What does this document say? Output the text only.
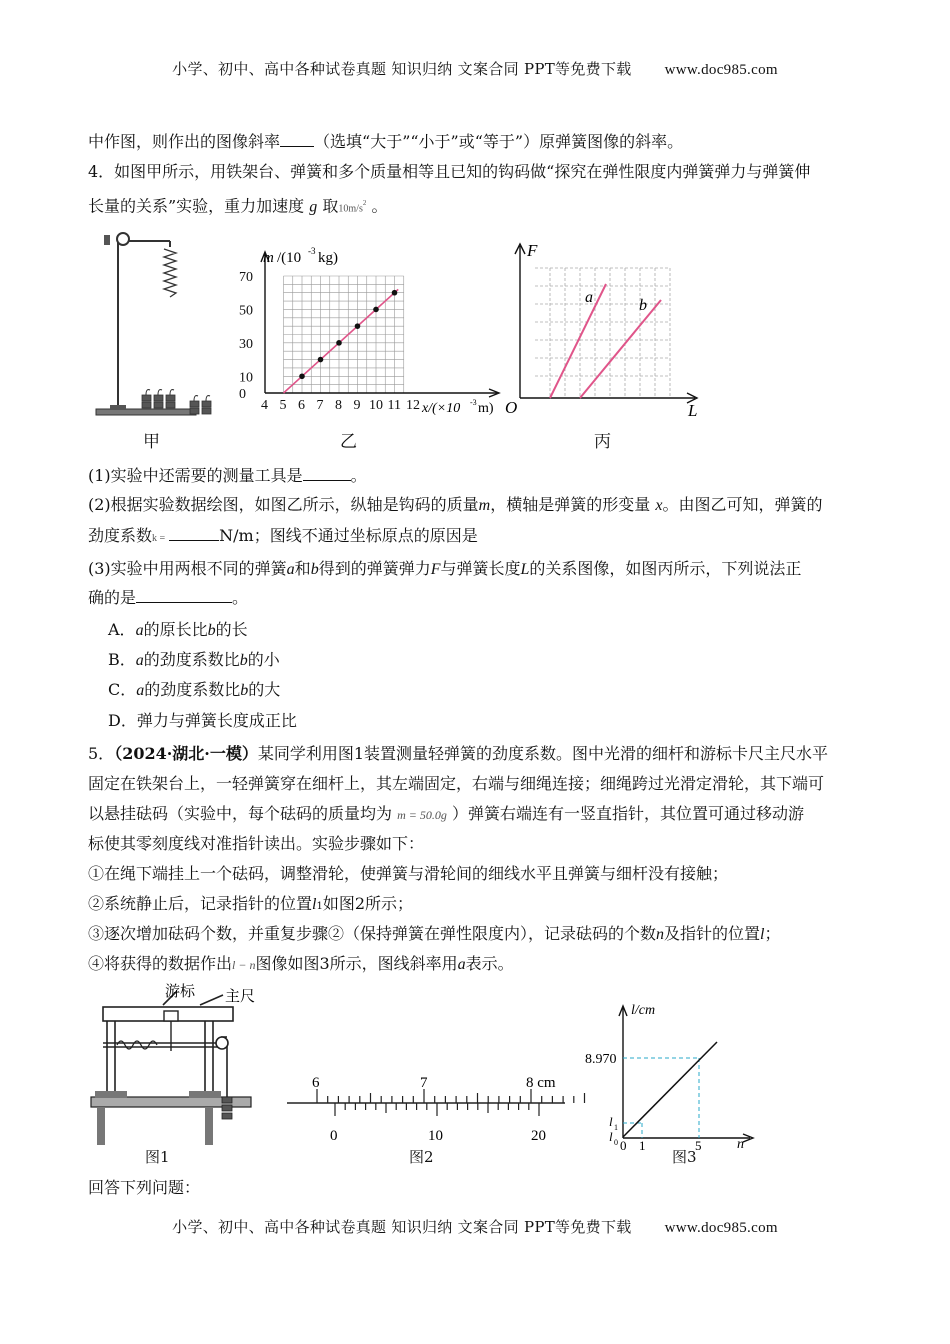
小学、初中、高中各种试卷真题 知识归纳 文案合同 PPT等免费下载 www.doc985.com
中作图，则作出的图像斜率 （选填“大于”“小于”或“等于”）原弹簧图像的斜率。
4．如图甲所示，用铁架台、弹簧和多个质量相等且已知的钩码做“探究在弹性限度内弹簧弹力与弹簧伸
长量的关系”实验，重力加速度 g 取$10m/s^2$ 。
甲
70
50
30
10
0
4 5 6 7 8 9 10 11 12
m /(10 -3 kg)
x/(×10 -3 m)
乙
F
O	L
a	b
丙
(1)实验中还需要的测量工具是	。
(2)根据实验数据绘图，如图乙所示，纵轴是钩码的质量m，横轴是弹簧的形变量 x。由图乙可知，弹簧的
劲度系数k =	N/m；图线不通过坐标原点的原因是
(3)实验中用两根不同的弹簧a和b得到的弹簧弹力F与弹簧长度L的关系图像，如图丙所示，下列说法正
确的是	。
A．a的原长比b的长
B．a的劲度系数比b的小
C．a的劲度系数比b的大
D．弹力与弹簧长度成正比
5．（2024·湖北·一模）某同学利用图1装置测量轻弹簧的劲度系数。图中光滑的细杆和游标卡尺主尺水平
固定在铁架台上，一轻弹簧穿在细杆上，其左端固定，右端与细绳连接；细绳跨过光滑定滑轮，其下端可
以悬挂砝码（实验中，每个砝码的质量均为 m = 50.0g ）弹簧右端连有一竖直指针，其位置可通过移动游
标使其零刻度线对准指针读出。实验步骤如下：
①在绳下端挂上一个砝码，调整滑轮，使弹簧与滑轮间的细线水平且弹簧与细杆没有接触；
②系统静止后，记录指针的位置l1如图2所示；
③逐次增加砝码个数，并重复步骤②（保持弹簧在弹性限度内），记录砝码的个数n及指针的位置l；
④将获得的数据作出l − n图像如图3所示，图线斜率用a表示。
游标 主尺
图1
6	7	8 cm
0	10	20
图2
l/cm
8.970
l 1
l 0 0 1	5	n
图3
回答下列问题：
小学、初中、高中各种试卷真题 知识归纳 文案合同 PPT等免费下载 www.doc985.com
